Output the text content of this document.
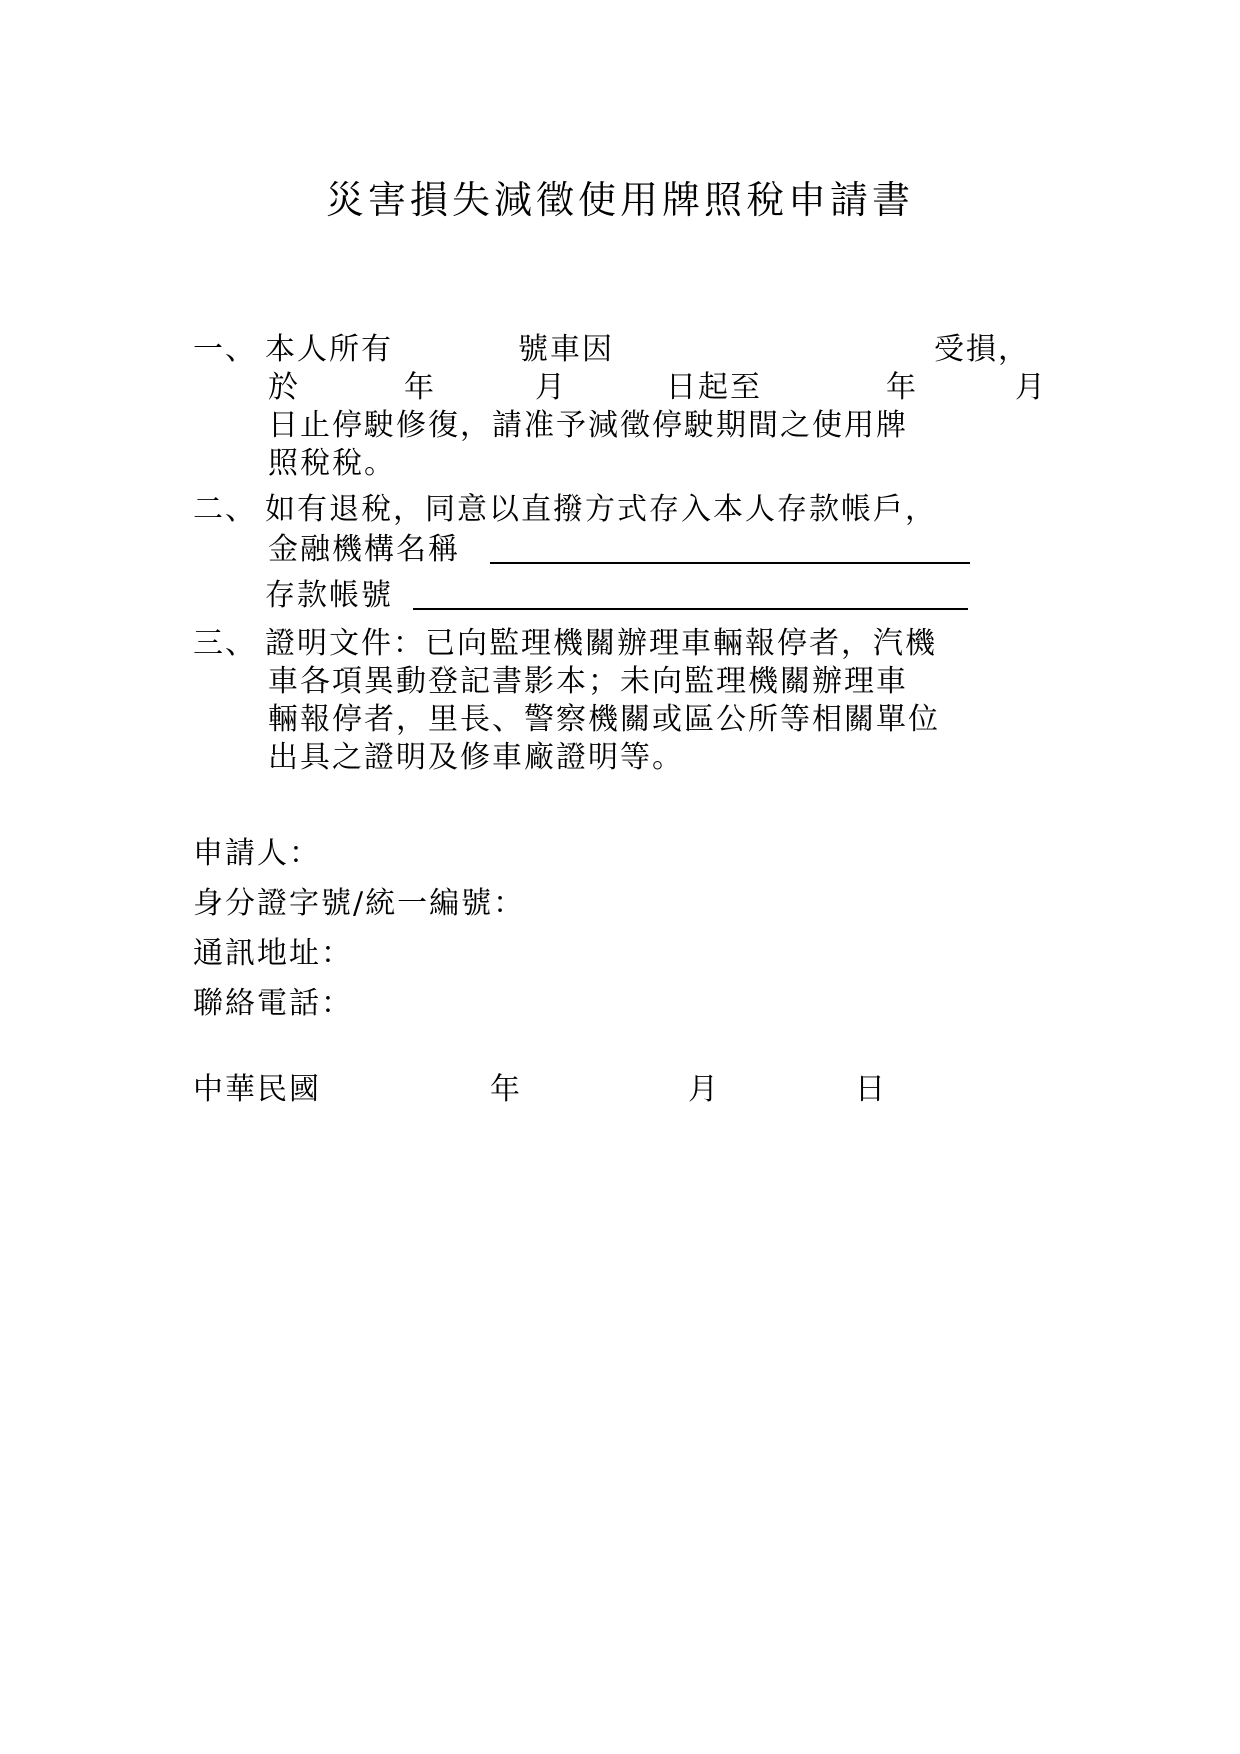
災害損失減徵使用牌照稅申請書
一、 本人所有	號車因	受損，
於	年	月	日起至	年	月
日止停駛修復，請准予減徵停駛期間之使用牌
照稅稅。
二、 如有退稅，同意以直撥方式存入本人存款帳戶，
金融機構名稱
存款帳號
三、 證明文件：已向監理機關辦理車輛報停者，汽機
車各項異動登記書影本；未向監理機關辦理車
輛報停者，里長、警察機關或區公所等相關單位
出具之證明及修車廠證明等。
申請人：
身分證字號/統一編號：
通訊地址：
聯絡電話：
中華民國	年	月	日
